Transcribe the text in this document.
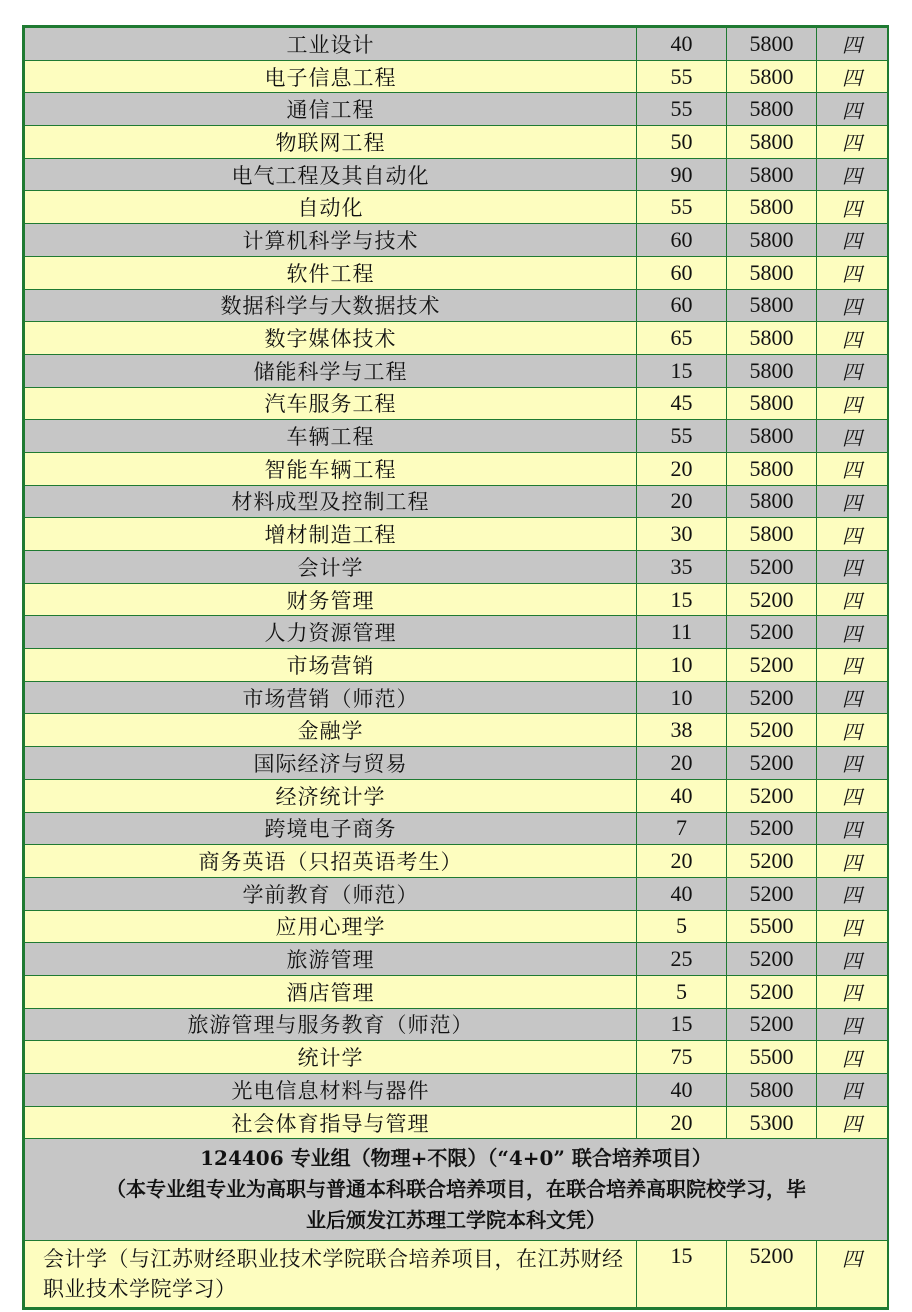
工业设计	40	5800	四
电子信息工程	55	5800	四
通信工程	55	5800	四
物联网工程	50	5800	四
电气工程及其自动化	90	5800	四
自动化	55	5800	四
计算机科学与技术	60	5800	四
软件工程	60	5800	四
数据科学与大数据技术	60	5800	四
数字媒体技术	65	5800	四
储能科学与工程	15	5800	四
汽车服务工程	45	5800	四
车辆工程	55	5800	四
智能车辆工程	20	5800	四
材料成型及控制工程	20	5800	四
增材制造工程	30	5800	四
会计学	35	5200	四
财务管理	15	5200	四
人力资源管理	11	5200	四
市场营销	10	5200	四
市场营销（师范）	10	5200	四
金融学	38	5200	四
国际经济与贸易	20	5200	四
经济统计学	40	5200	四
跨境电子商务	7	5200	四
商务英语（只招英语考生）	20	5200	四
学前教育（师范）	40	5200	四
应用心理学	5	5500	四
旅游管理	25	5200	四
酒店管理	5	5200	四
旅游管理与服务教育（师范）	15	5200	四
统计学	75	5500	四
光电信息材料与器件	40	5800	四
社会体育指导与管理	20	5300	四

124406 专业组（物理+不限）（“4+0” 联合培养项目）
（本专业组专业为高职与普通本科联合培养项目，在联合培养高职院校学习，毕
业后颁发江苏理工学院本科文凭）			

会计学（与江苏财经职业技术学院联合培养项目，在江苏财经职业技术学院学习）	15	5200	四
